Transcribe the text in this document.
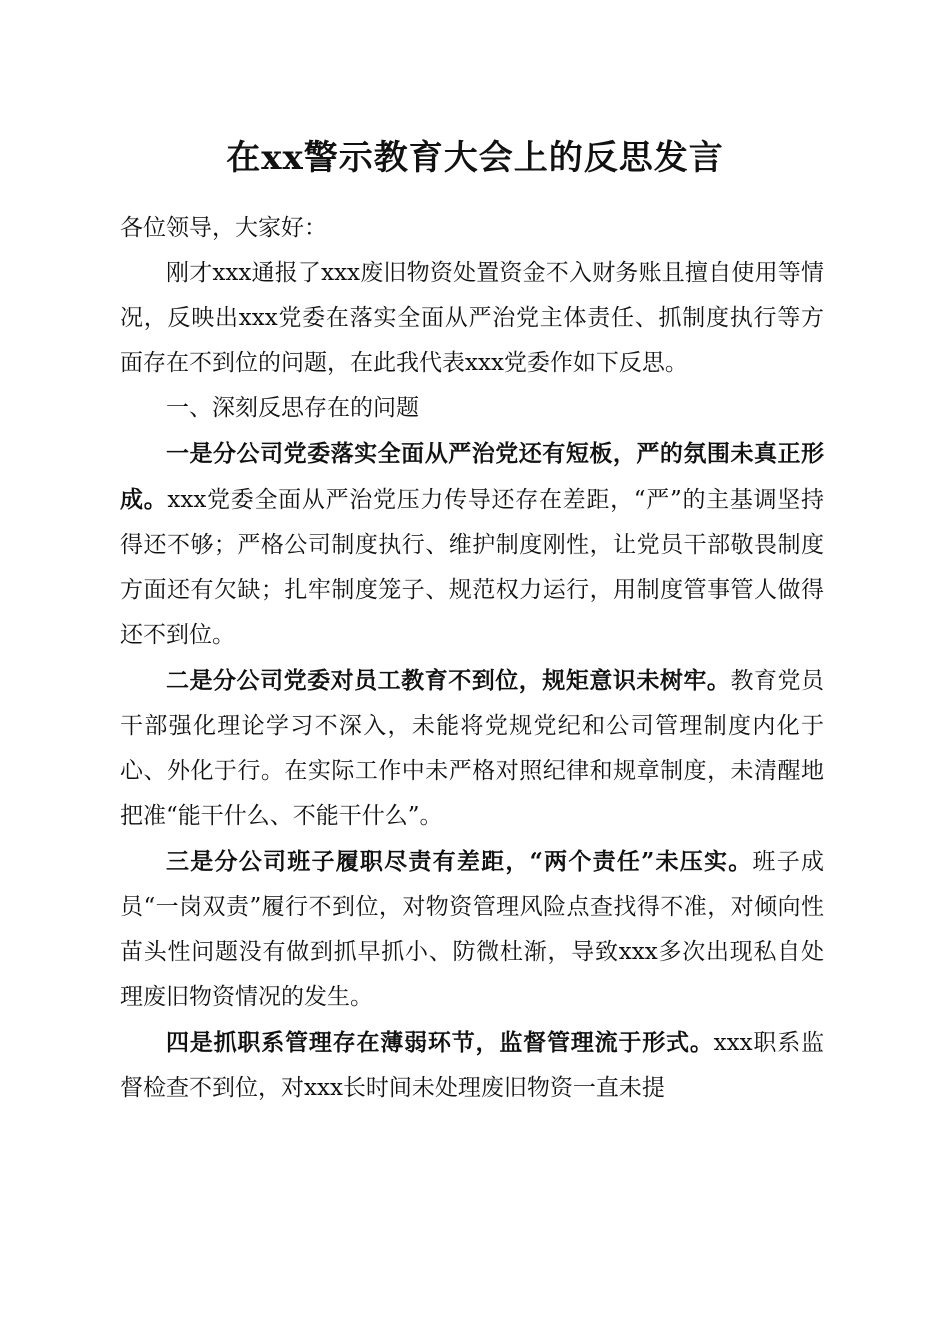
在xx警示教育大会上的反思发言

各位领导，大家好：

刚才xxx通报了xxx废旧物资处置资金不入财务账且擅自使用等情况，反映出xxx党委在落实全面从严治党主体责任、抓制度执行等方面存在不到位的问题，在此我代表xxx党委作如下反思。

一、深刻反思存在的问题

一是分公司党委落实全面从严治党还有短板，严的氛围未真正形成。xxx党委全面从严治党压力传导还存在差距，“严”的主基调坚持得还不够；严格公司制度执行、维护制度刚性，让党员干部敬畏制度方面还有欠缺；扎牢制度笼子、规范权力运行，用制度管事管人做得还不到位。

二是分公司党委对员工教育不到位，规矩意识未树牢。教育党员干部强化理论学习不深入，未能将党规党纪和公司管理制度内化于心、外化于行。在实际工作中未严格对照纪律和规章制度，未清醒地把准“能干什么、不能干什么”。

三是分公司班子履职尽责有差距，“两个责任”未压实。班子成员“一岗双责”履行不到位，对物资管理风险点查找得不准，对倾向性苗头性问题没有做到抓早抓小、防微杜渐，导致xxx多次出现私自处理废旧物资情况的发生。

四是抓职系管理存在薄弱环节，监督管理流于形式。xxx职系监督检查不到位，对xxx长时间未处理废旧物资一直未提
